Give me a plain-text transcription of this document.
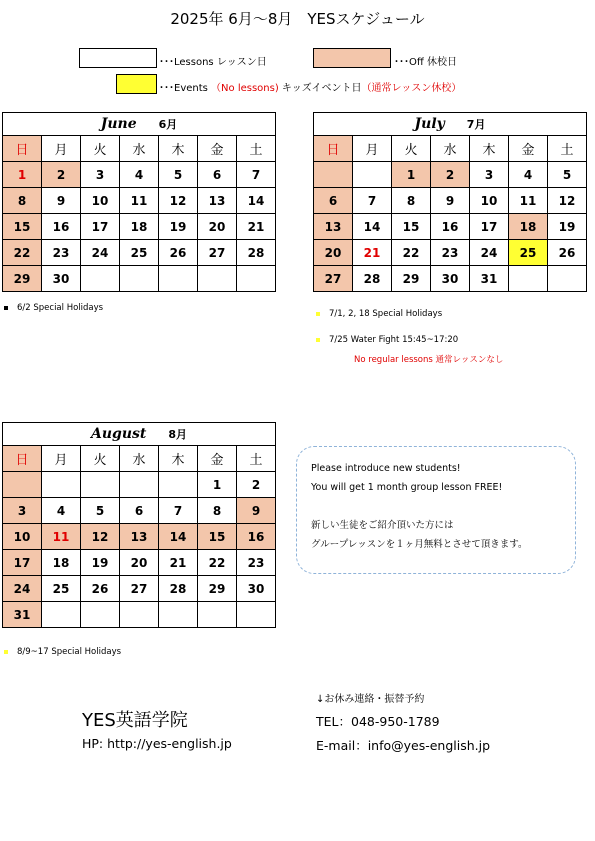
2025年 6月～8月　YESスケジュール
･･･Lessons レッスン日	･･･Off 休校日
･･･Events （No lessons) キッズイベント日（通常レッスン休校）
June 6月						
日	月	火	水	木	金	土
1	2	3	4	5	6	7
8	9	10	11	12	13	14
15	16	17	18	19	20	21
22	23	24	25	26	27	28
29	30					
6/2 Special Holidays
July 7月						
日	月	火	水	木	金	土
		1	2	3	4	5
6	7	8	9	10	11	12
13	14	15	16	17	18	19
20	21	22	23	24	25	26
27	28	29	30	31		
7/1, 2, 18 Special Holidays
7/25 Water Fight 15:45~17:20
No regular lessons 通常レッスンなし
August 8月						
日	月	火	水	木	金	土
					1	2
3	4	5	6	7	8	9
10	11	12	13	14	15	16
17	18	19	20	21	22	23
24	25	26	27	28	29	30
31						
8/9~17 Special Holidays
Please introduce new students!
You will get 1 month group lesson FREE!
新しい生徒をご紹介頂いた方には
グループレッスンを１ヶ月無料とさせて頂きます。
YES英語学院
HP: http://yes-english.jp
↓お休み連絡・振替予約
TEL：048-950-1789
E-mail：info@yes-english.jp
